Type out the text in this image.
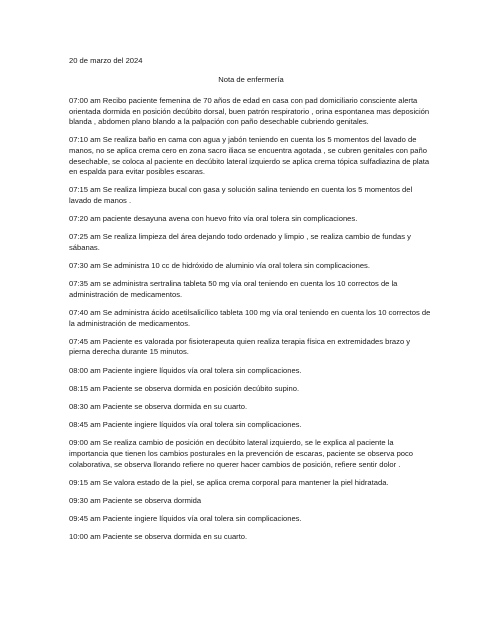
20 de marzo del 2024
Nota de enfermería

07:00 am Recibo paciente femenina de 70 años de edad en casa con pad domiciliario consciente alerta orientada dormida en posición decúbito dorsal, buen patrón respiratorio , orina espontanea mas deposición blanda , abdomen plano blando a la palpación con paño desechable cubriendo genitales.

07:10 am Se realiza baño en cama con agua y jabón teniendo en cuenta los 5 momentos del lavado de manos, no se aplica crema cero en zona sacro iliaca se encuentra agotada , se cubren genitales con paño desechable, se coloca al paciente en decúbito lateral izquierdo se aplica crema tópica sulfadiazina de plata en espalda para evitar posibles escaras.

07:15 am Se realiza limpieza bucal con gasa y solución salina teniendo en cuenta los 5 momentos del lavado de manos .

07:20 am paciente desayuna avena con huevo frito vía oral tolera sin complicaciones.

07:25 am Se realiza limpieza del área dejando todo ordenado y limpio , se realiza cambio de fundas y sábanas.

07:30 am Se administra 10 cc de hidróxido de aluminio vía oral tolera sin complicaciones.

07:35 am se administra sertralina tableta 50 mg vía oral teniendo en cuenta los 10 correctos de la administración de medicamentos.

07:40 am Se administra ácido acetilsalicílico tableta 100 mg vía oral teniendo en cuenta los 10 correctos de la administración de medicamentos.

07:45 am Paciente es valorada por fisioterapeuta quien realiza terapia física en extremidades brazo y pierna derecha durante 15 minutos.

08:00 am Paciente ingiere líquidos vía oral tolera sin complicaciones.

08:15 am Paciente se observa dormida en posición decúbito supino.

08:30 am Paciente se observa dormida en su cuarto.

08:45 am Paciente ingiere líquidos vía oral tolera sin complicaciones.

09:00 am Se realiza cambio de posición en decúbito lateral izquierdo, se le explica al paciente la importancia que tienen los cambios posturales en la prevención de escaras, paciente se observa poco colaborativa, se observa llorando refiere no querer hacer cambios de posición, refiere sentir dolor .

09:15 am Se valora estado de la piel, se aplica crema corporal para mantener la piel hidratada.

09:30 am Paciente se observa dormida

09:45 am Paciente ingiere líquidos vía oral tolera sin complicaciones.

10:00 am Paciente se observa dormida en su cuarto.
